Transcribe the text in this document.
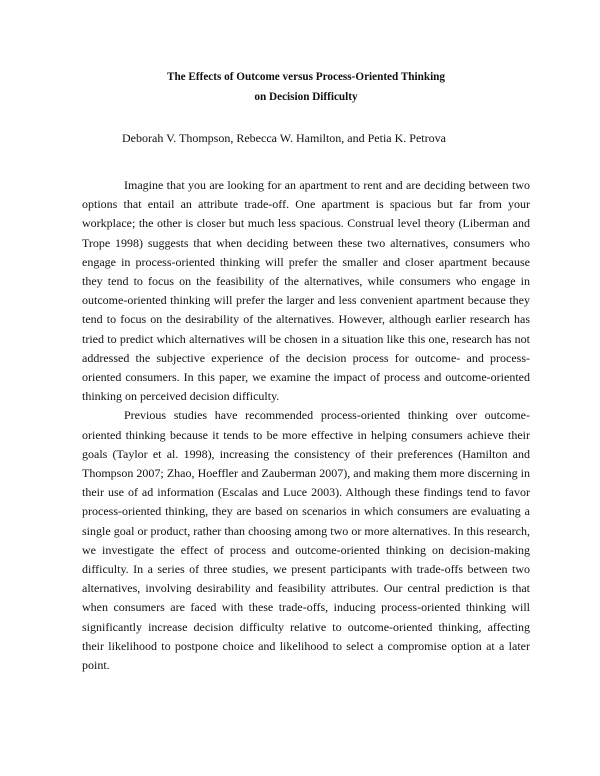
The Effects of Outcome versus Process-Oriented Thinking
on Decision Difficulty
Deborah V. Thompson, Rebecca W. Hamilton, and Petia K. Petrova

Imagine that you are looking for an apartment to rent and are deciding between two options that entail an attribute trade-off. One apartment is spacious but far from your workplace; the other is closer but much less spacious. Construal level theory (Liberman and Trope 1998) suggests that when deciding between these two alternatives, consumers who engage in process-oriented thinking will prefer the smaller and closer apartment because they tend to focus on the feasibility of the alternatives, while consumers who engage in outcome-oriented thinking will prefer the larger and less convenient apartment because they tend to focus on the desirability of the alternatives. However, although earlier research has tried to predict which alternatives will be chosen in a situation like this one, research has not addressed the subjective experience of the decision process for outcome- and process-oriented consumers. In this paper, we examine the impact of process and outcome-oriented thinking on perceived decision difficulty.

Previous studies have recommended process-oriented thinking over outcome-oriented thinking because it tends to be more effective in helping consumers achieve their goals (Taylor et al. 1998), increasing the consistency of their preferences (Hamilton and Thompson 2007; Zhao, Hoeffler and Zauberman 2007), and making them more discerning in their use of ad information (Escalas and Luce 2003). Although these findings tend to favor process-oriented thinking, they are based on scenarios in which consumers are evaluating a single goal or product, rather than choosing among two or more alternatives. In this research, we investigate the effect of process and outcome-oriented thinking on decision-making difficulty. In a series of three studies, we present participants with trade-offs between two alternatives, involving desirability and feasibility attributes. Our central prediction is that when consumers are faced with these trade-offs, inducing process-oriented thinking will significantly increase decision difficulty relative to outcome-oriented thinking, affecting their likelihood to postpone choice and likelihood to select a compromise option at a later point.
